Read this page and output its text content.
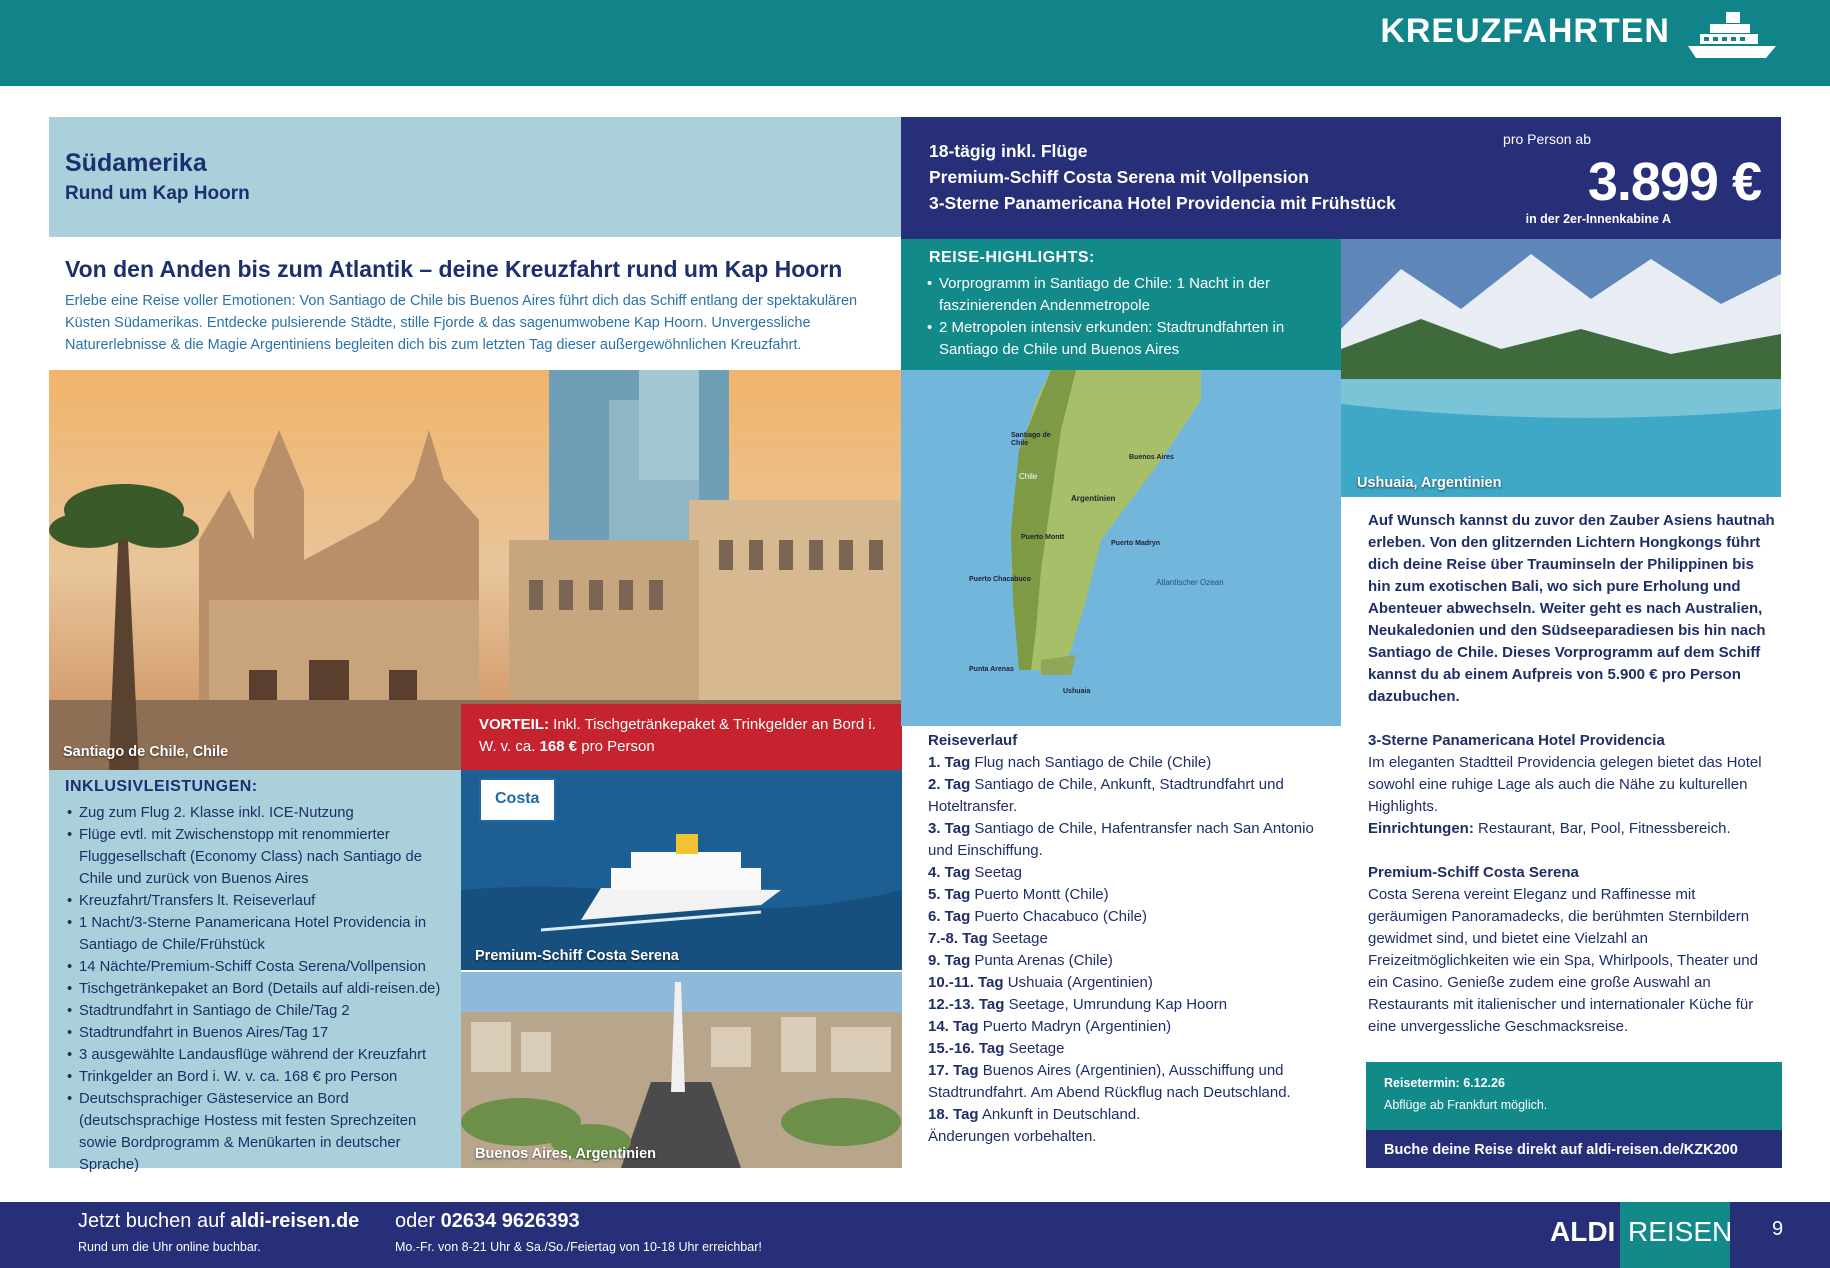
KREUZFAHRTEN
Südamerika
Rund um Kap Hoorn
18-tägig inkl. Flüge
Premium-Schiff Costa Serena mit Vollpension
3-Sterne Panamericana Hotel Providencia mit Frühstück
pro Person ab
3.899 €
in der 2er-Innenkabine A
Von den Anden bis zum Atlantik – deine Kreuzfahrt rund um Kap Hoorn
Erlebe eine Reise voller Emotionen: Von Santiago de Chile bis Buenos Aires führt dich das Schiff entlang der spektakulären Küsten Südamerikas. Entdecke pulsierende Städte, stille Fjorde & das sagenumwobene Kap Hoorn. Unvergessliche Naturerlebnisse & die Magie Argentiniens begleiten dich bis zum letzten Tag dieser außergewöhnlichen Kreuzfahrt.
Santiago de Chile, Chile
VORTEIL: Inkl. Tischgetränkepaket & Trinkgelder an Bord i. W. v. ca. 168 € pro Person
INKLUSIVLEISTUNGEN:
• Zug zum Flug 2. Klasse inkl. ICE-Nutzung
• Flüge evtl. mit Zwischenstopp mit renommierter Fluggesellschaft (Economy Class) nach Santiago de Chile und zurück von Buenos Aires
• Kreuzfahrt/Transfers lt. Reiseverlauf
• 1 Nacht/3-Sterne Panamericana Hotel Providencia in Santiago de Chile/Frühstück
• 14 Nächte/Premium-Schiff Costa Serena/Vollpension
• Tischgetränkepaket an Bord (Details auf aldi-reisen.de)
• Stadtrundfahrt in Santiago de Chile/Tag 2
• Stadtrundfahrt in Buenos Aires/Tag 17
• 3 ausgewählte Landausflüge während der Kreuzfahrt
• Trinkgelder an Bord i. W. v. ca. 168 € pro Person
• Deutschsprachiger Gästeservice an Bord (deutschsprachige Hostess mit festen Sprechzeiten sowie Bordprogramm & Menükarten in deutscher Sprache)
Costa
Premium-Schiff Costa Serena
Buenos Aires, Argentinien
REISE-HIGHLIGHTS:
• Vorprogramm in Santiago de Chile: 1 Nacht in der faszinierenden Andenmetropole
• 2 Metropolen intensiv erkunden: Stadtrundfahrten in Santiago de Chile und Buenos Aires
Santiago de Chile
Buenos Aires
Chile
Argentinien
Puerto Montt
Puerto Madryn
Puerto Chacabuco	Atlantischer Ozean
Punta Arenas
Ushuaia
Ushuaia, Argentinien
Reiseverlauf
1. Tag Flug nach Santiago de Chile (Chile)
2. Tag Santiago de Chile, Ankunft, Stadtrundfahrt und Hoteltransfer.
3. Tag Santiago de Chile, Hafentransfer nach San Antonio und Einschiffung.
4. Tag Seetag
5. Tag Puerto Montt (Chile)
6. Tag Puerto Chacabuco (Chile)
7.-8. Tag Seetage
9. Tag Punta Arenas (Chile)
10.-11. Tag Ushuaia (Argentinien)
12.-13. Tag Seetage, Umrundung Kap Hoorn
14. Tag Puerto Madryn (Argentinien)
15.-16. Tag Seetage
17. Tag Buenos Aires (Argentinien), Ausschiffung und Stadtrundfahrt. Am Abend Rückflug nach Deutschland.
18. Tag Ankunft in Deutschland.
Änderungen vorbehalten.
Auf Wunsch kannst du zuvor den Zauber Asiens hautnah erleben. Von den glitzernden Lichtern Hongkongs führt dich deine Reise über Trauminseln der Philippinen bis hin zum exotischen Bali, wo sich pure Erholung und Abenteuer abwechseln. Weiter geht es nach Australien, Neukaledonien und den Südseeparadiesen bis hin nach Santiago de Chile. Dieses Vorprogramm auf dem Schiff kannst du ab einem Aufpreis von 5.900 € pro Person dazubuchen.
3-Sterne Panamericana Hotel Providencia
Im eleganten Stadtteil Providencia gelegen bietet das Hotel sowohl eine ruhige Lage als auch die Nähe zu kulturellen Highlights.
Einrichtungen: Restaurant, Bar, Pool, Fitnessbereich.
Premium-Schiff Costa Serena
Costa Serena vereint Eleganz und Raffinesse mit geräumigen Panoramadecks, die berühmten Sternbildern gewidmet sind, und bietet eine Vielzahl an Freizeitmöglichkeiten wie ein Spa, Whirlpools, Theater und ein Casino. Genieße zudem eine große Auswahl an Restaurants mit italienischer und internationaler Küche für eine unvergessliche Geschmacksreise.
Reisetermin: 6.12.26
Abflüge ab Frankfurt möglich.
Buche deine Reise direkt auf aldi-reisen.de/KZK200
Jetzt buchen auf aldi-reisen.de
Rund um die Uhr online buchbar.
oder 02634 9626393
Mo.-Fr. von 8-21 Uhr & Sa./So./Feiertag von 10-18 Uhr erreichbar!	ALDI REISEN 9
